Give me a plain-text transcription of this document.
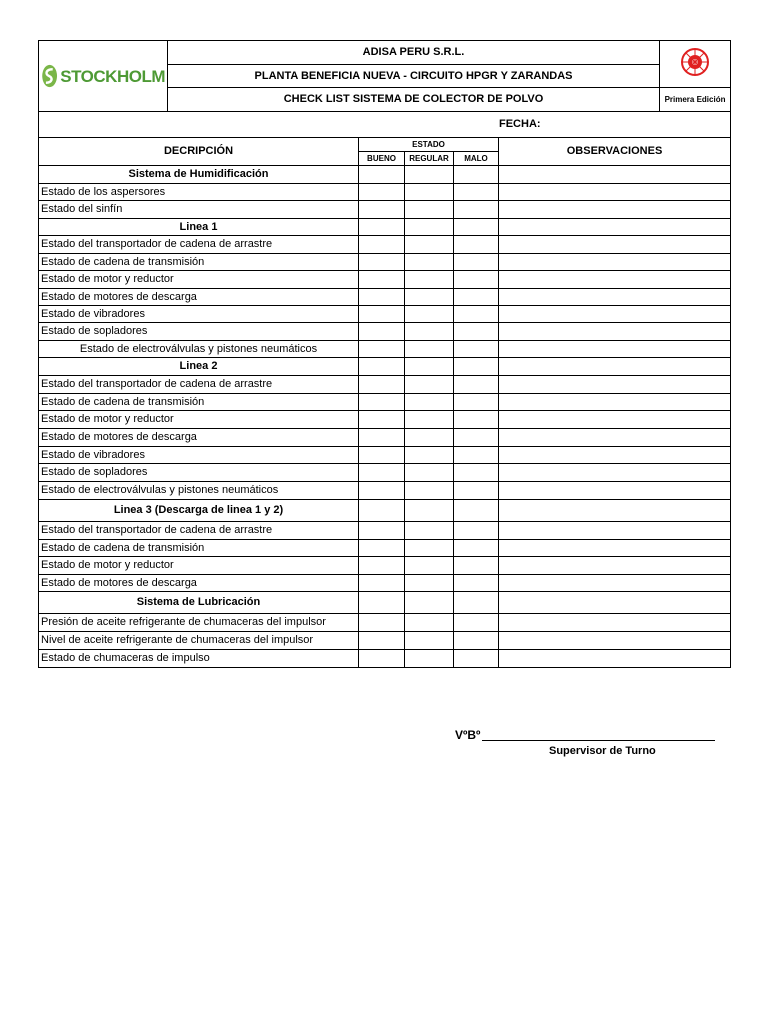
STOCKHOLM	ADISA PERU S.R.L.	
	PLANTA BENEFICIA NUEVA - CIRCUITO HPGR Y ZARANDAS					
	CHECK LIST SISTEMA DE COLECTOR DE POLVO					Primera Edición
FECHA:						
DECRIPCIÓN		ESTADO			OBSERVACIONES	
		BUENO	REGULAR	MALO		
Sistema de Humidificación						
Estado de los aspersores						
Estado del sinfín						
Linea 1						
Estado del transportador de cadena de arrastre						
Estado de cadena de transmisión						
Estado de motor y reductor						
Estado de motores de descarga						
Estado de vibradores						
Estado de sopladores						
Estado de electroválvulas y pistones neumáticos						
Linea 2						
Estado del transportador de cadena de arrastre						
Estado de cadena de transmisión						
Estado de motor y reductor						
Estado de motores de descarga						
Estado de vibradores						
Estado de sopladores						
Estado de electroválvulas y pistones neumáticos						
Linea 3 (Descarga de linea 1 y 2)						
Estado del transportador de cadena de arrastre						
Estado de cadena de transmisión						
Estado de motor y reductor						
Estado de motores de descarga						
Sistema de Lubricación						
Presión de aceite refrigerante de chumaceras del impulsor						
Nivel de aceite refrigerante de chumaceras del impulsor						
Estado de chumaceras de impulso						
VºBº
Supervisor de Turno
